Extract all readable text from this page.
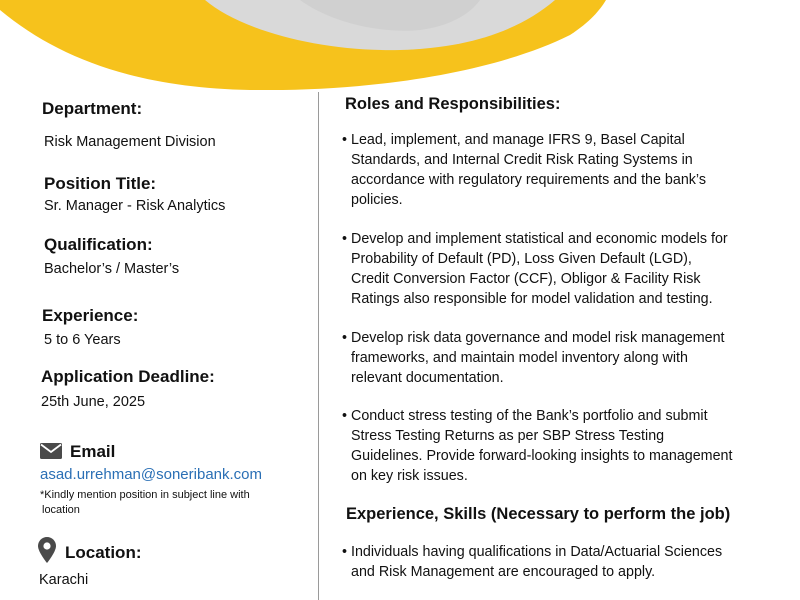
Department:
Risk Management Division
Position Title:
Sr. Manager - Risk Analytics
Qualification:
Bachelor’s / Master’s
Experience:
5 to 6 Years
Application Deadline:
25th June, 2025
Email
asad.urrehman@soneribank.com
*Kindly mention position in subject line with
location
Location:
Karachi
Roles and Responsibilities:
• Lead, implement, and manage IFRS 9, Basel Capital
Standards, and Internal Credit Risk Rating Systems in
accordance with regulatory requirements and the bank’s
policies.
• Develop and implement statistical and economic models for
Probability of Default (PD), Loss Given Default (LGD),
Credit Conversion Factor (CCF), Obligor & Facility Risk
Ratings also responsible for model validation and testing.
• Develop risk data governance and model risk management
frameworks, and maintain model inventory along with
relevant documentation.
• Conduct stress testing of the Bank’s portfolio and submit
Stress Testing Returns as per SBP Stress Testing
Guidelines. Provide forward-looking insights to management
on key risk issues.
Experience, Skills (Necessary to perform the job)
• Individuals having qualifications in Data/Actuarial Sciences
and Risk Management are encouraged to apply.
